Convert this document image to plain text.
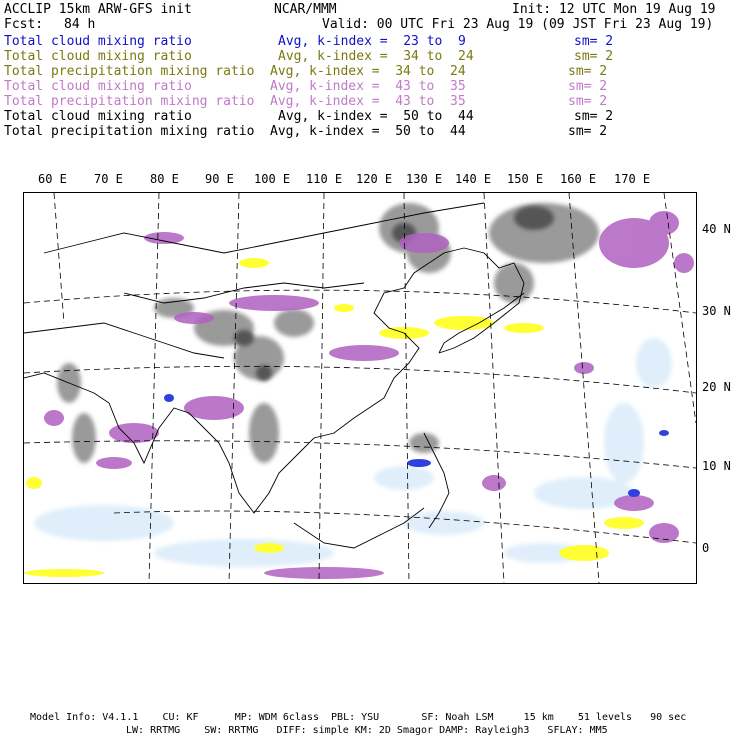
ACCLIP 15km ARW-GFS init	NCAR/MMM	Init: 12 UTC Mon 19 Aug 19
Fcst: 84 h	Valid: 00 UTC Fri 23 Aug 19 (09 JST Fri 23 Aug 19)
Total cloud mixing ratio	Avg, k-index =  23 to  9	sm= 2
Total cloud mixing ratio	Avg, k-index =  34 to  24	sm= 2
Total precipitation mixing ratio Avg, k-index =  34 to  24	sm= 2
Total cloud mixing ratio	Avg, k-index =  43 to  35	sm= 2
Total precipitation mixing ratio Avg, k-index =  43 to  35	sm= 2
Total cloud mixing ratio	Avg, k-index =  50 to  44	sm= 2
Total precipitation mixing ratio Avg, k-index =  50 to  44	sm= 2
60 E 70 E 80 E 90 E 100 E 110 E 120 E 130 E 140 E 150 E 160 E 170 E
40 N
30 N
20 N
10 N
0
Model Info: V4.1.1    CU: KF      MP: WDM 6class  PBL: YSU       SF: Noah LSM     15 km    51 levels   90 sec
LW: RRTMG    SW: RRTMG   DIFF: simple KM: 2D Smagor DAMP: Rayleigh3   SFLAY: MM5
